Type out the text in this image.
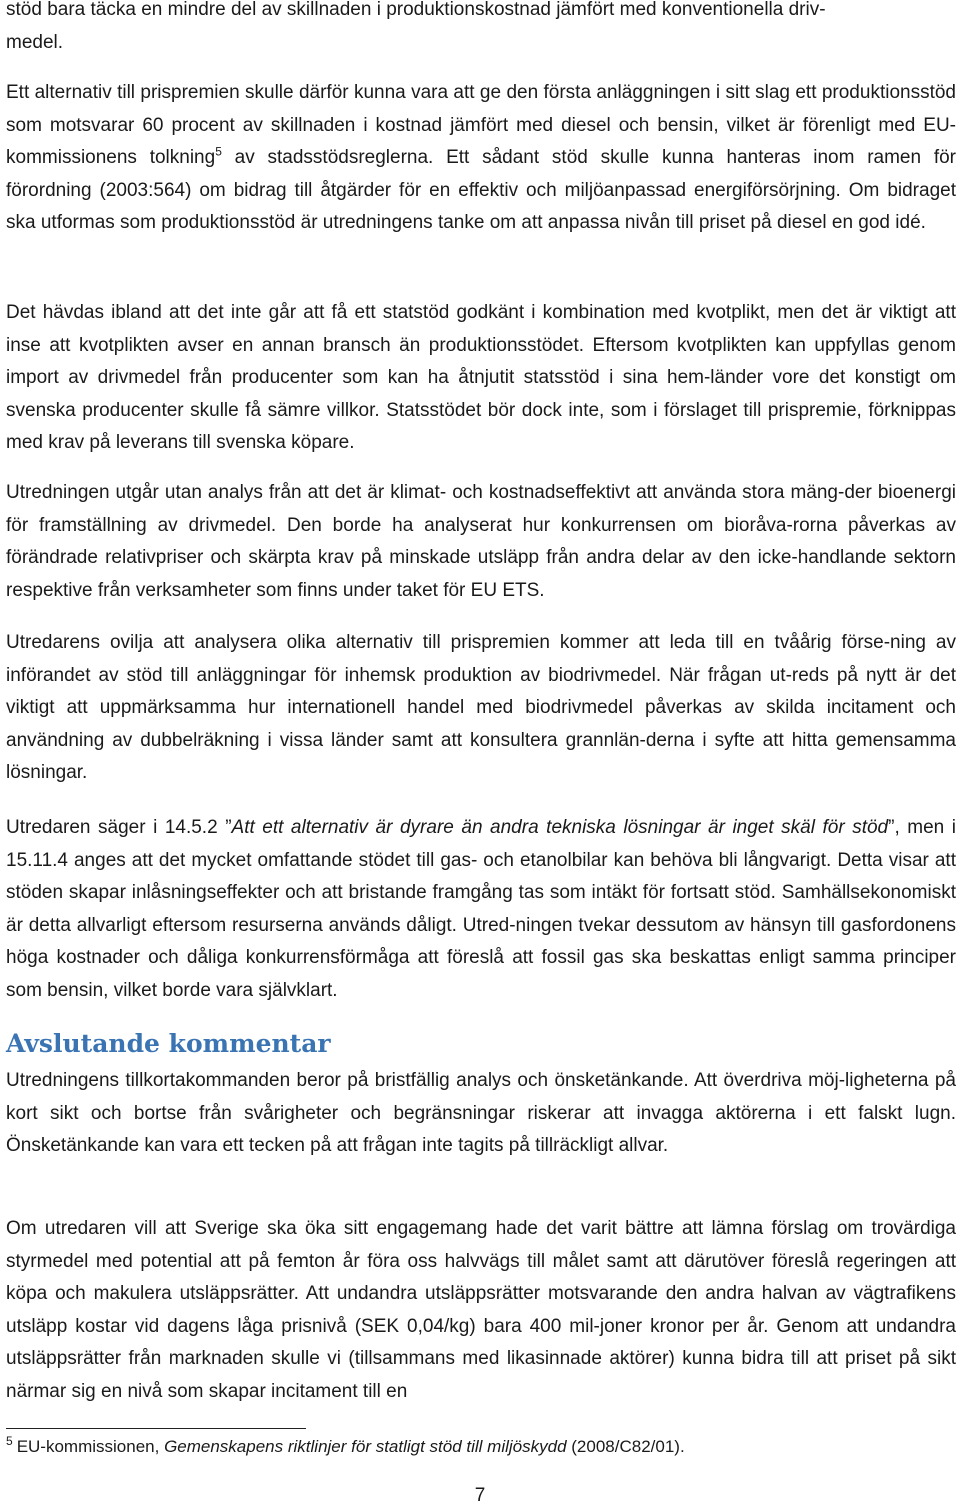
stöd bara täcka en mindre del av skillnaden i produktionskostnad jämfört med konventionella driv-
medel.

Ett alternativ till prispremien skulle därför kunna vara att ge den första anläggningen i sitt slag ett produktionsstöd som motsvarar 60 procent av skillnaden i kostnad jämfört med diesel och bensin, vilket är förenligt med EU-kommissionens tolkning$^5$ av stadsstödsreglerna. Ett sådant stöd skulle kunna hanteras inom ramen för förordning (2003:564) om bidrag till åtgärder för en effektiv och miljöanpassad energiförsörjning. Om bidraget ska utformas som produktionsstöd är utredningens tanke om att anpassa nivån till priset på diesel en god idé.

Det hävdas ibland att det inte går att få ett statstöd godkänt i kombination med kvotplikt, men det är viktigt att inse att kvotplikten avser en annan bransch än produktionsstödet. Eftersom kvotplikten kan uppfyllas genom import av drivmedel från producenter som kan ha åtnjutit statsstöd i sina hem-länder vore det konstigt om svenska producenter skulle få sämre villkor. Statsstödet bör dock inte, som i förslaget till prispremie, förknippas med krav på leverans till svenska köpare.

Utredningen utgår utan analys från att det är klimat- och kostnadseffektivt att använda stora mäng-der bioenergi för framställning av drivmedel. Den borde ha analyserat hur konkurrensen om bioråva-rorna påverkas av förändrade relativpriser och skärpta krav på minskade utsläpp från andra delar av den icke-handlande sektorn respektive från verksamheter som finns under taket för EU ETS.

Utredarens ovilja att analysera olika alternativ till prispremien kommer att leda till en tvåårig förse-ning av införandet av stöd till anläggningar för inhemsk produktion av biodrivmedel. När frågan ut-reds på nytt är det viktigt att uppmärksamma hur internationell handel med biodrivmedel påverkas av skilda incitament och användning av dubbelräkning i vissa länder samt att konsultera grannlän-derna i syfte att hitta gemensamma lösningar.

Utredaren säger i 14.5.2 ”Att ett alternativ är dyrare än andra tekniska lösningar är inget skäl för stöd”, men i 15.11.4 anges att det mycket omfattande stödet till gas- och etanolbilar kan behöva bli långvarigt. Detta visar att stöden skapar inlåsningseffekter och att bristande framgång tas som intäkt för fortsatt stöd. Samhällsekonomiskt är detta allvarligt eftersom resurserna används dåligt. Utred-ningen tvekar dessutom av hänsyn till gasfordonens höga kostnader och dåliga konkurrensförmåga att föreslå att fossil gas ska beskattas enligt samma principer som bensin, vilket borde vara självklart.

Avslutande kommentar

Utredningens tillkortakommanden beror på bristfällig analys och önsketänkande. Att överdriva möj-ligheterna på kort sikt och bortse från svårigheter och begränsningar riskerar att invagga aktörerna i ett falskt lugn. Önsketänkande kan vara ett tecken på att frågan inte tagits på tillräckligt allvar.

Om utredaren vill att Sverige ska öka sitt engagemang hade det varit bättre att lämna förslag om trovärdiga styrmedel med potential att på femton år föra oss halvvägs till målet samt att därutöver föreslå regeringen att köpa och makulera utsläppsrätter. Att undandra utsläppsrätter motsvarande den andra halvan av vägtrafikens utsläpp kostar vid dagens låga prisnivå (SEK 0,04/kg) bara 400 mil-joner kronor per år. Genom att undandra utsläppsrätter från marknaden skulle vi (tillsammans med likasinnade aktörer) kunna bidra till att priset på sikt närmar sig en nivå som skapar incitament till en

$^5$ EU-kommissionen, Gemenskapens riktlinjer för statligt stöd till miljöskydd (2008/C82/01).

7
